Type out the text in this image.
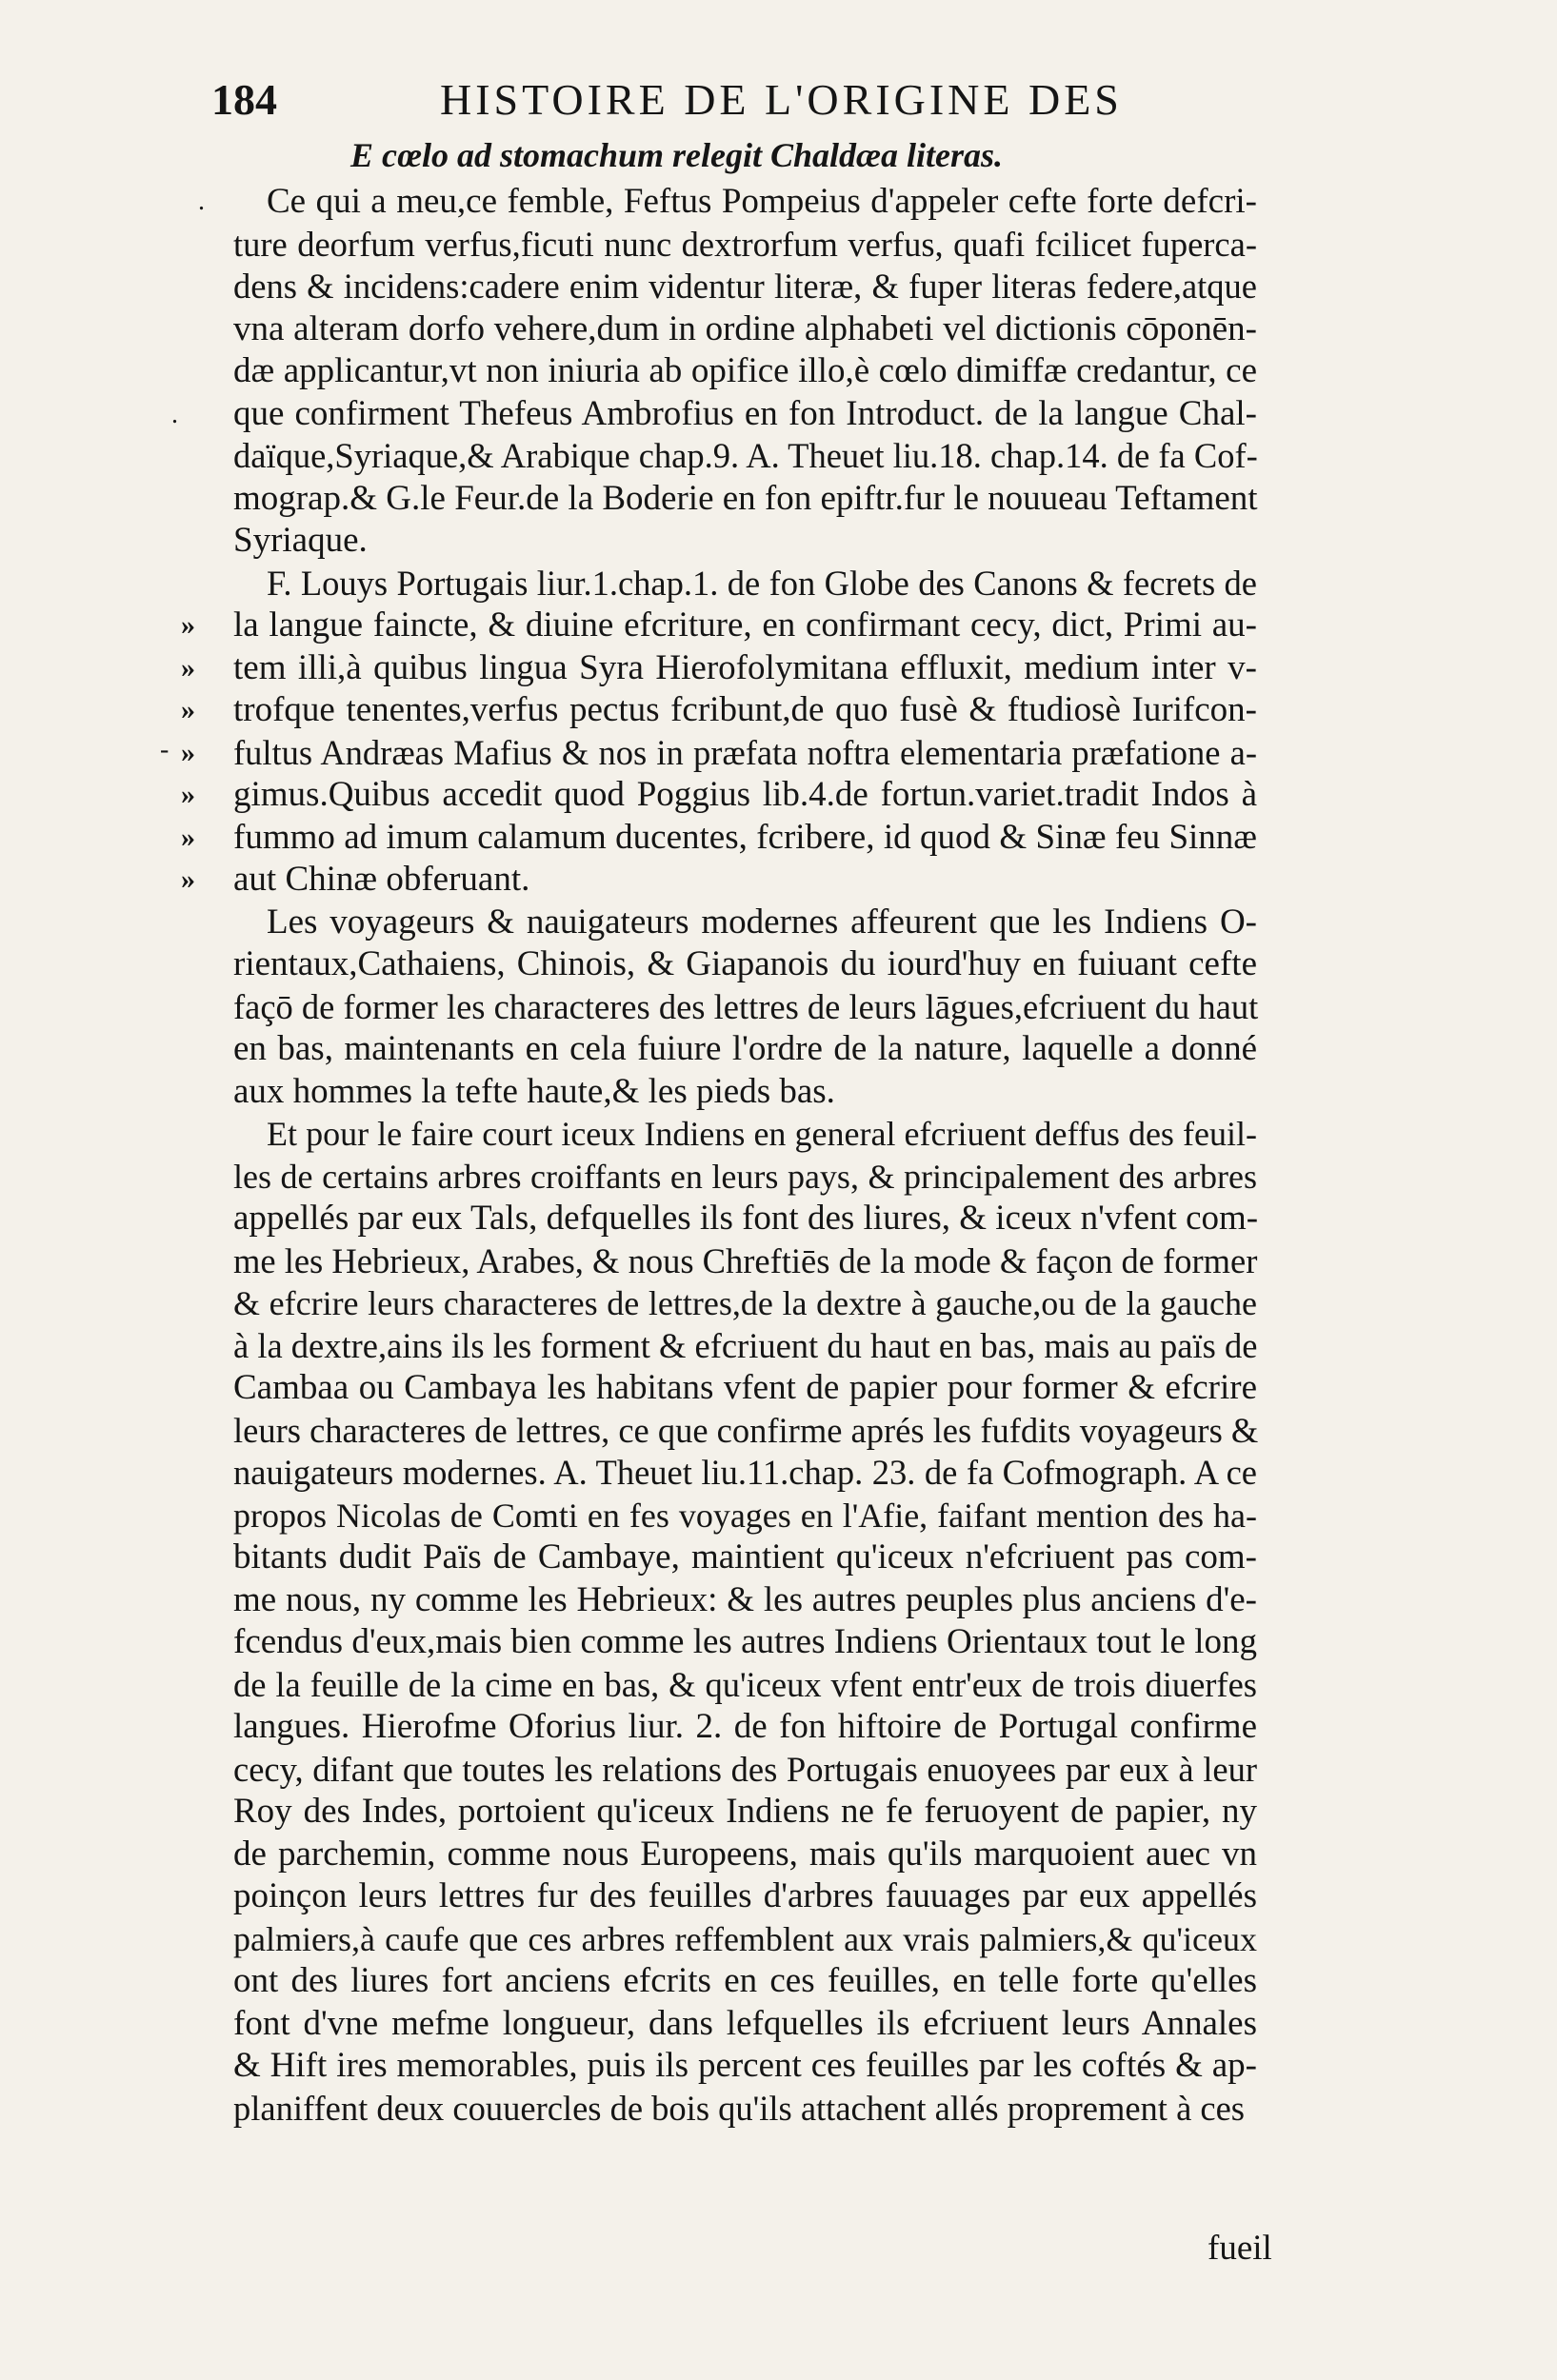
184	HISTOIRE DE L'ORIGINE DES
E cœlo ad stomachum relegit Chaldæa literas.
.
.
-
Ce qui a meu,ce femble, Feftus Pompeius d'appeler cefte forte defcri-
ture deorfum verfus,ficuti nunc dextrorfum verfus, quafi fcilicet fuperca-
dens & incidens:cadere enim videntur literæ, & fuper literas federe,atque
vna alteram dorfo vehere,dum in ordine alphabeti vel dictionis cōponēn-
dæ applicantur,vt non iniuria ab opifice illo,è cœlo dimiffæ credantur, ce
que confirment Thefeus Ambrofius en fon Introduct. de la langue Chal-
daïque,Syriaque,& Arabique chap.9. A. Theuet liu.18. chap.14. de fa Cof-
mograp.& G.le Feur.de la Boderie en fon epiftr.fur le nouueau Teftament
Syriaque.
F. Louys Portugais liur.1.chap.1. de fon Globe des Canons & fecrets de
» la langue faincte, & diuine efcriture, en confirmant cecy, dict, Primi au-
» tem illi,à quibus lingua Syra Hierofolymitana effluxit, medium inter v-
» trofque tenentes,verfus pectus fcribunt,de quo fusè & ftudiosè Iurifcon-
» fultus Andræas Mafius & nos in præfata noftra elementaria præfatione a-
» gimus.Quibus accedit quod Poggius lib.4.de fortun.variet.tradit Indos à
» fummo ad imum calamum ducentes, fcribere, id quod & Sinæ feu Sinnæ
» aut Chinæ obferuant.
Les voyageurs & nauigateurs modernes affeurent que les Indiens O-
rientaux,Cathaiens, Chinois, & Giapanois du iourd'huy en fuiuant cefte
façō de former les characteres des lettres de leurs lāgues,efcriuent du haut
en bas, maintenants en cela fuiure l'ordre de la nature, laquelle a donné
aux hommes la tefte haute,& les pieds bas.
Et pour le faire court iceux Indiens en general efcriuent deffus des feuil-
les de certains arbres croiffants en leurs pays, & principalement des arbres
appellés par eux Tals, defquelles ils font des liures, & iceux n'vfent com-
me les Hebrieux, Arabes, & nous Chreftiēs de la mode & façon de former
& efcrire leurs characteres de lettres,de la dextre à gauche,ou de la gauche
à la dextre,ains ils les forment & efcriuent du haut en bas, mais au païs de
Cambaa ou Cambaya les habitans vfent de papier pour former & efcrire
leurs characteres de lettres, ce que confirme aprés les fufdits voyageurs &
nauigateurs modernes. A. Theuet liu.11.chap. 23. de fa Cofmograph. A ce
propos Nicolas de Comti en fes voyages en l'Afie, faifant mention des ha-
bitants dudit Païs de Cambaye, maintient qu'iceux n'efcriuent pas com-
me nous, ny comme les Hebrieux: & les autres peuples plus anciens d'e-
fcendus d'eux,mais bien comme les autres Indiens Orientaux tout le long
de la feuille de la cime en bas, & qu'iceux vfent entr'eux de trois diuerfes
langues. Hierofme Oforius liur. 2. de fon hiftoire de Portugal confirme
cecy, difant que toutes les relations des Portugais enuoyees par eux à leur
Roy des Indes, portoient qu'iceux Indiens ne fe feruoyent de papier, ny
de parchemin, comme nous Europeens, mais qu'ils marquoient auec vn
poinçon leurs lettres fur des feuilles d'arbres fauuages par eux appellés
palmiers,à caufe que ces arbres reffemblent aux vrais palmiers,& qu'iceux
ont des liures fort anciens efcrits en ces feuilles, en telle forte qu'elles
font d'vne mefme longueur, dans lefquelles ils efcriuent leurs Annales
& Hift ires memorables, puis ils percent ces feuilles par les coftés & ap-
planiffent deux couuercles de bois qu'ils attachent allés proprement à ces
fueil
